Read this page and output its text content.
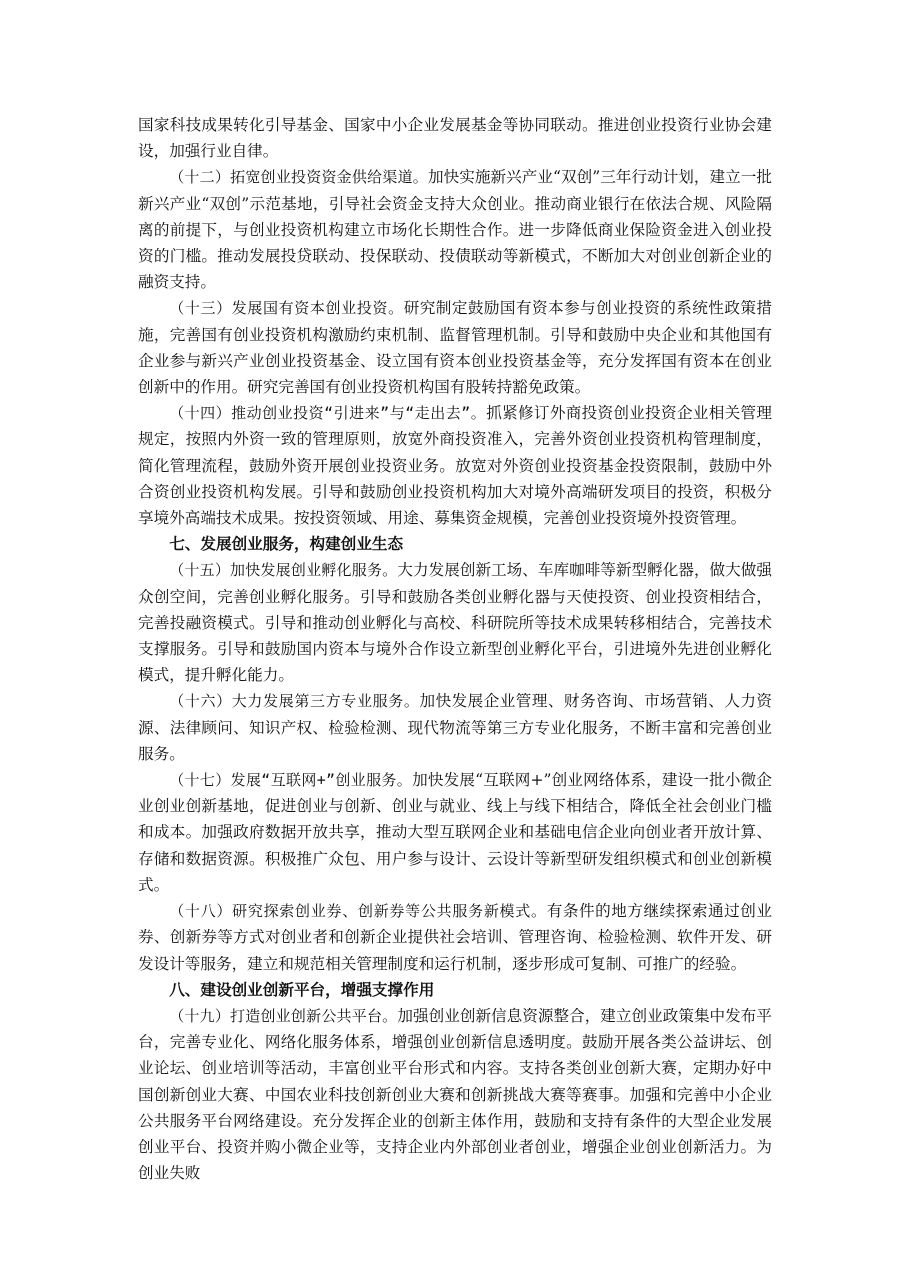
国家科技成果转化引导基金、国家中小企业发展基金等协同联动。推进创业投资行业协会建设，加强行业自律。

（十二）拓宽创业投资资金供给渠道。加快实施新兴产业“双创”三年行动计划，建立一批新兴产业“双创”示范基地，引导社会资金支持大众创业。推动商业银行在依法合规、风险隔离的前提下，与创业投资机构建立市场化长期性合作。进一步降低商业保险资金进入创业投资的门槛。推动发展投贷联动、投保联动、投债联动等新模式，不断加大对创业创新企业的融资支持。

（十三）发展国有资本创业投资。研究制定鼓励国有资本参与创业投资的系统性政策措施，完善国有创业投资机构激励约束机制、监督管理机制。引导和鼓励中央企业和其他国有企业参与新兴产业创业投资基金、设立国有资本创业投资基金等，充分发挥国有资本在创业创新中的作用。研究完善国有创业投资机构国有股转持豁免政策。

（十四）推动创业投资“引进来”与“走出去”。抓紧修订外商投资创业投资企业相关管理规定，按照内外资一致的管理原则，放宽外商投资准入，完善外资创业投资机构管理制度，简化管理流程，鼓励外资开展创业投资业务。放宽对外资创业投资基金投资限制，鼓励中外合资创业投资机构发展。引导和鼓励创业投资机构加大对境外高端研发项目的投资，积极分享境外高端技术成果。按投资领域、用途、募集资金规模，完善创业投资境外投资管理。

七、发展创业服务，构建创业生态

（十五）加快发展创业孵化服务。大力发展创新工场、车库咖啡等新型孵化器，做大做强众创空间，完善创业孵化服务。引导和鼓励各类创业孵化器与天使投资、创业投资相结合，完善投融资模式。引导和推动创业孵化与高校、科研院所等技术成果转移相结合，完善技术支撑服务。引导和鼓励国内资本与境外合作设立新型创业孵化平台，引进境外先进创业孵化模式，提升孵化能力。

（十六）大力发展第三方专业服务。加快发展企业管理、财务咨询、市场营销、人力资源、法律顾问、知识产权、检验检测、现代物流等第三方专业化服务，不断丰富和完善创业服务。

（十七）发展“互联网+”创业服务。加快发展“互联网+”创业网络体系，建设一批小微企业创业创新基地，促进创业与创新、创业与就业、线上与线下相结合，降低全社会创业门槛和成本。加强政府数据开放共享，推动大型互联网企业和基础电信企业向创业者开放计算、存储和数据资源。积极推广众包、用户参与设计、云设计等新型研发组织模式和创业创新模式。

（十八）研究探索创业券、创新券等公共服务新模式。有条件的地方继续探索通过创业券、创新券等方式对创业者和创新企业提供社会培训、管理咨询、检验检测、软件开发、研发设计等服务，建立和规范相关管理制度和运行机制，逐步形成可复制、可推广的经验。

八、建设创业创新平台，增强支撑作用

（十九）打造创业创新公共平台。加强创业创新信息资源整合，建立创业政策集中发布平台，完善专业化、网络化服务体系，增强创业创新信息透明度。鼓励开展各类公益讲坛、创业论坛、创业培训等活动，丰富创业平台形式和内容。支持各类创业创新大赛，定期办好中国创新创业大赛、中国农业科技创新创业大赛和创新挑战大赛等赛事。加强和完善中小企业公共服务平台网络建设。充分发挥企业的创新主体作用，鼓励和支持有条件的大型企业发展创业平台、投资并购小微企业等，支持企业内外部创业者创业，增强企业创业创新活力。为创业失败
